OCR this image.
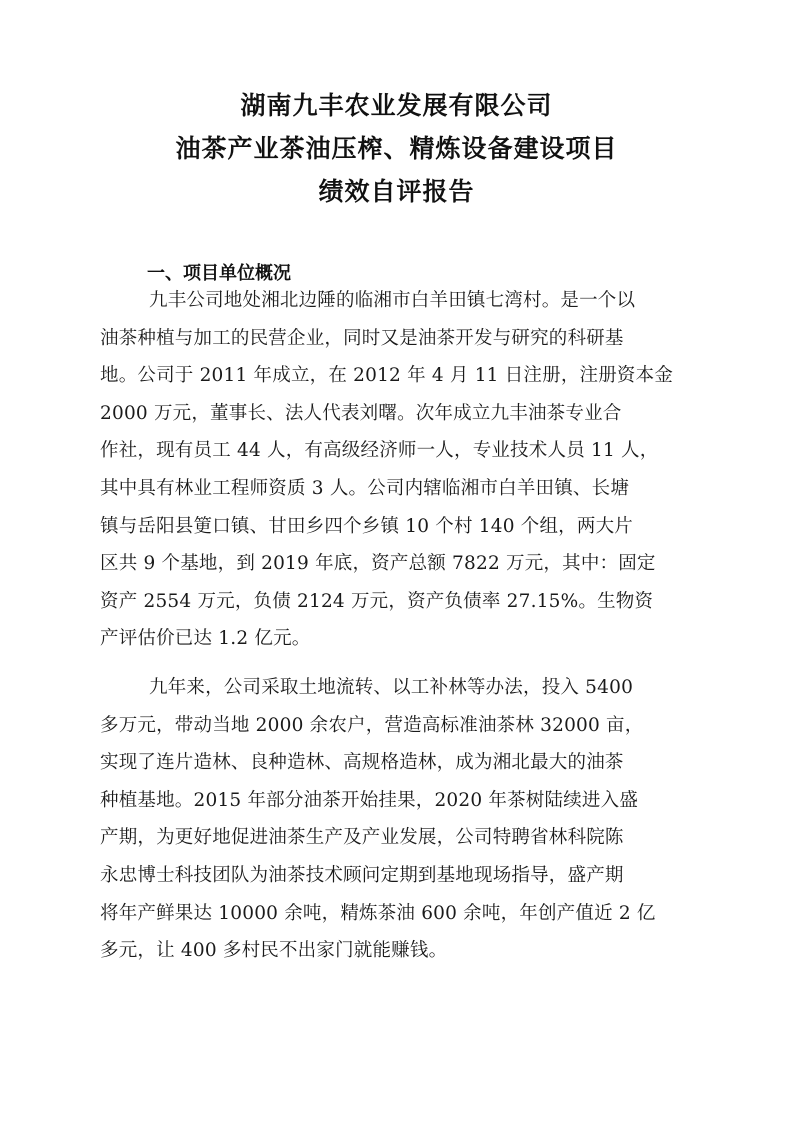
湖南九丰农业发展有限公司
油茶产业茶油压榨、精炼设备建设项目
绩效自评报告
一、项目单位概况
九丰公司地处湘北边陲的临湘市白羊田镇七湾村。是一个以
油茶种植与加工的民营企业，同时又是油茶开发与研究的科研基
地。公司于 2011 年成立，在 2012 年 4 月 11 日注册，注册资本金
2000 万元，董事长、法人代表刘曙。次年成立九丰油茶专业合
作社，现有员工 44 人，有高级经济师一人，专业技术人员 11 人，
其中具有林业工程师资质 3 人。公司内辖临湘市白羊田镇、长塘
镇与岳阳县筻口镇、甘田乡四个乡镇 10 个村 140 个组，两大片
区共 9 个基地，到 2019 年底，资产总额 7822 万元，其中：固定
资产 2554 万元，负债 2124 万元，资产负债率 27.15%。生物资
产评估价已达 1.2 亿元。
九年来，公司采取土地流转、以工补林等办法，投入 5400
多万元，带动当地 2000 余农户，营造高标准油茶林 32000 亩，
实现了连片造林、良种造林、高规格造林，成为湘北最大的油茶
种植基地。2015 年部分油茶开始挂果，2020 年茶树陆续进入盛
产期，为更好地促进油茶生产及产业发展，公司特聘省林科院陈
永忠博士科技团队为油茶技术顾问定期到基地现场指导，盛产期
将年产鲜果达 10000 余吨，精炼茶油 600 余吨，年创产值近 2 亿
多元，让 400 多村民不出家门就能赚钱。
